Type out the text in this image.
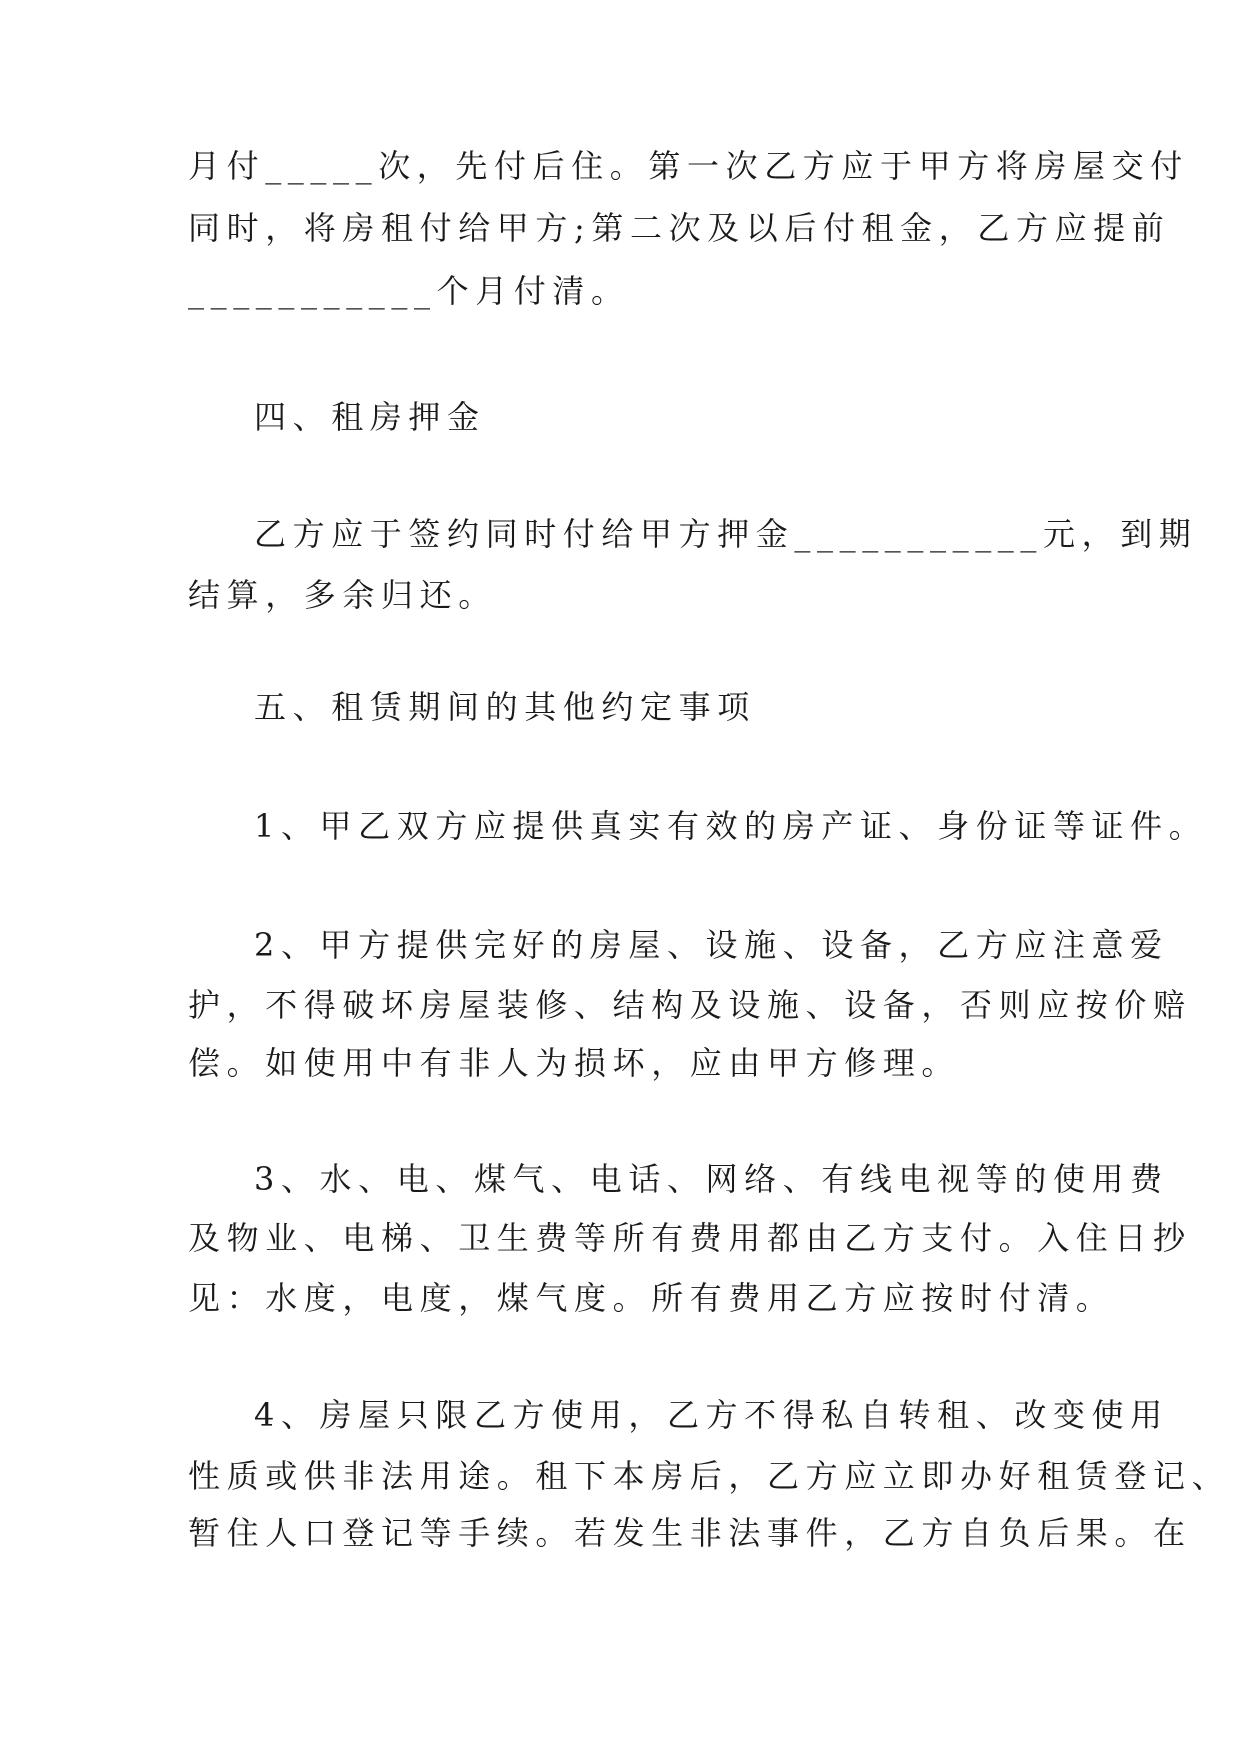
月付_____次，先付后住。第一次乙方应于甲方将房屋交付
同时，将房租付给甲方;第二次及以后付租金，乙方应提前
___________个月付清。
四、租房押金
乙方应于签约同时付给甲方押金___________元，到期
结算，多余归还。
五、租赁期间的其他约定事项
1、甲乙双方应提供真实有效的房产证、身份证等证件。
2、甲方提供完好的房屋、设施、设备，乙方应注意爱
护，不得破坏房屋装修、结构及设施、设备，否则应按价赔
偿。如使用中有非人为损坏，应由甲方修理。
3、水、电、煤气、电话、网络、有线电视等的使用费
及物业、电梯、卫生费等所有费用都由乙方支付。入住日抄
见：水度，电度，煤气度。所有费用乙方应按时付清。
4、房屋只限乙方使用，乙方不得私自转租、改变使用
性质或供非法用途。租下本房后，乙方应立即办好租赁登记、
暂住人口登记等手续。若发生非法事件，乙方自负后果。在
